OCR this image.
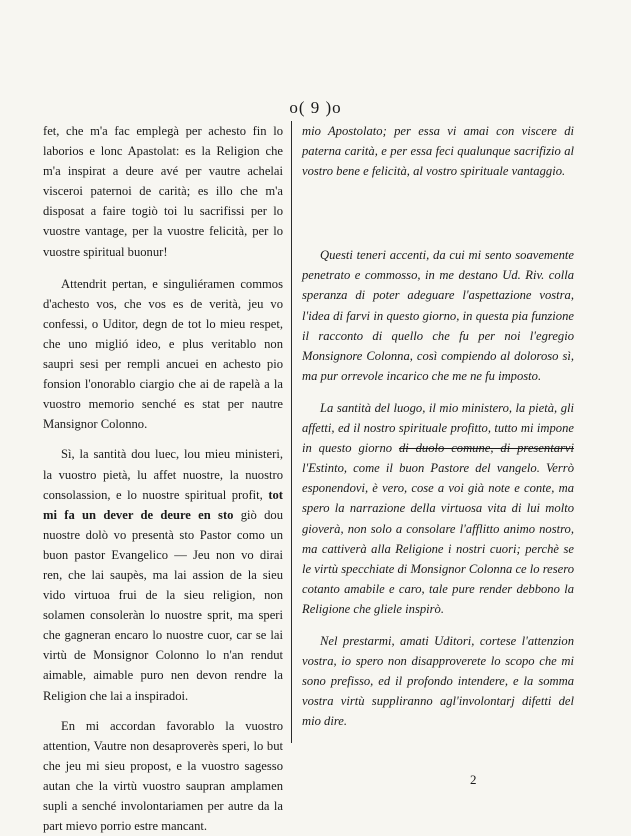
o( 9 )o

fet, che m'a fac emplegà per achesto fin lo laborios e lonc Apastolat: es la Religion che m'a inspirat a deure avé per vautre achelai visceroi paternoi de carità; es illo che m'a disposat a faire togiò toi lu sacrifissi per lo vuostre vantage, per la vuostre felicità, per lo vuostre spiritual buonur!

Attendrit pertan, e singuliéramen commos d'achesto vos, che vos es de verità, jeu vo confessi, o Uditor, degn de tot lo mieu respet, che uno miglió ideo, e plus veritablo non saupri sesi per rempli ancuei en achesto pio fonsion l'onorablo ciargio che ai de rapelà a la vuostro memorio senché es stat per nautre Mansignor Colonno.

Sì, la santità dou luec, lou mieu ministeri, la vuostro pietà, lu affet nuostre, la nuostro consolassion, e lo nuostre spiritual profit, tot mi fa un dever de deure en sto giò dou nuostre dolò vo presentà sto Pastor como un buon pastor Evangelico — Jeu non vo dirai ren, che lai saupès, ma lai assion de la sieu vido virtuoa frui de la sieu religion, non solamen consoleràn lo nuostre sprit, ma speri che gagneran encaro lo nuostre cuor, car se lai virtù de Monsignor Colonno lo n'an rendut aimable, aimable puro nen devon rendre la Religion che lai a inspiradoi.

En mi accordan favorablo la vuostro attention, Vautre non desaproverès speri, lo but che jeu mi sieu propost, e la vuostro sagesso autan che la virtù vuostro saupran amplamen supli a senché involontariamen per autre da la part mievo porrio estre mancant.

mio Apostolato; per essa vi amai con viscere di paterna carità, e per essa feci qualunque sacrifizio al vostro bene e felicità, al vostro spirituale vantaggio.

Questi teneri accenti, da cui mi sento soavemente penetrato e commosso, in me destano Ud. Riv. colla speranza di poter adeguare l'aspettazione vostra, l'idea di farvi in questo giorno, in questa pia funzione il racconto di quello che fu per noi l'egregio Monsignore Colonna, così compiendo al doloroso sì, ma pur orrevole incarico che me ne fu imposto.

La santità del luogo, il mio ministero, la pietà, gli affetti, ed il nostro spirituale profitto, tutto mi impone in questo giorno di duolo comune, di presentarvi l'Estinto, come il buon Pastore del vangelo. Verrò esponendovi, è vero, cose a voi già note e conte, ma spero la narrazione della virtuosa vita di lui molto gioverà, non solo a consolare l'afflitto animo nostro, ma cattiverà alla Religione i nostri cuori; perchè se le virtù specchiate di Monsignor Colonna ce lo resero cotanto amabile e caro, tale pure render debbono la Religione che gliele inspirò.

Nel prestarmi, amati Uditori, cortese l'attenzion vostra, io spero non disapproverete lo scopo che mi sono prefisso, ed il profondo intendere, e la somma vostra virtù suppliranno agl'involontarj difetti del mio dire.

2
